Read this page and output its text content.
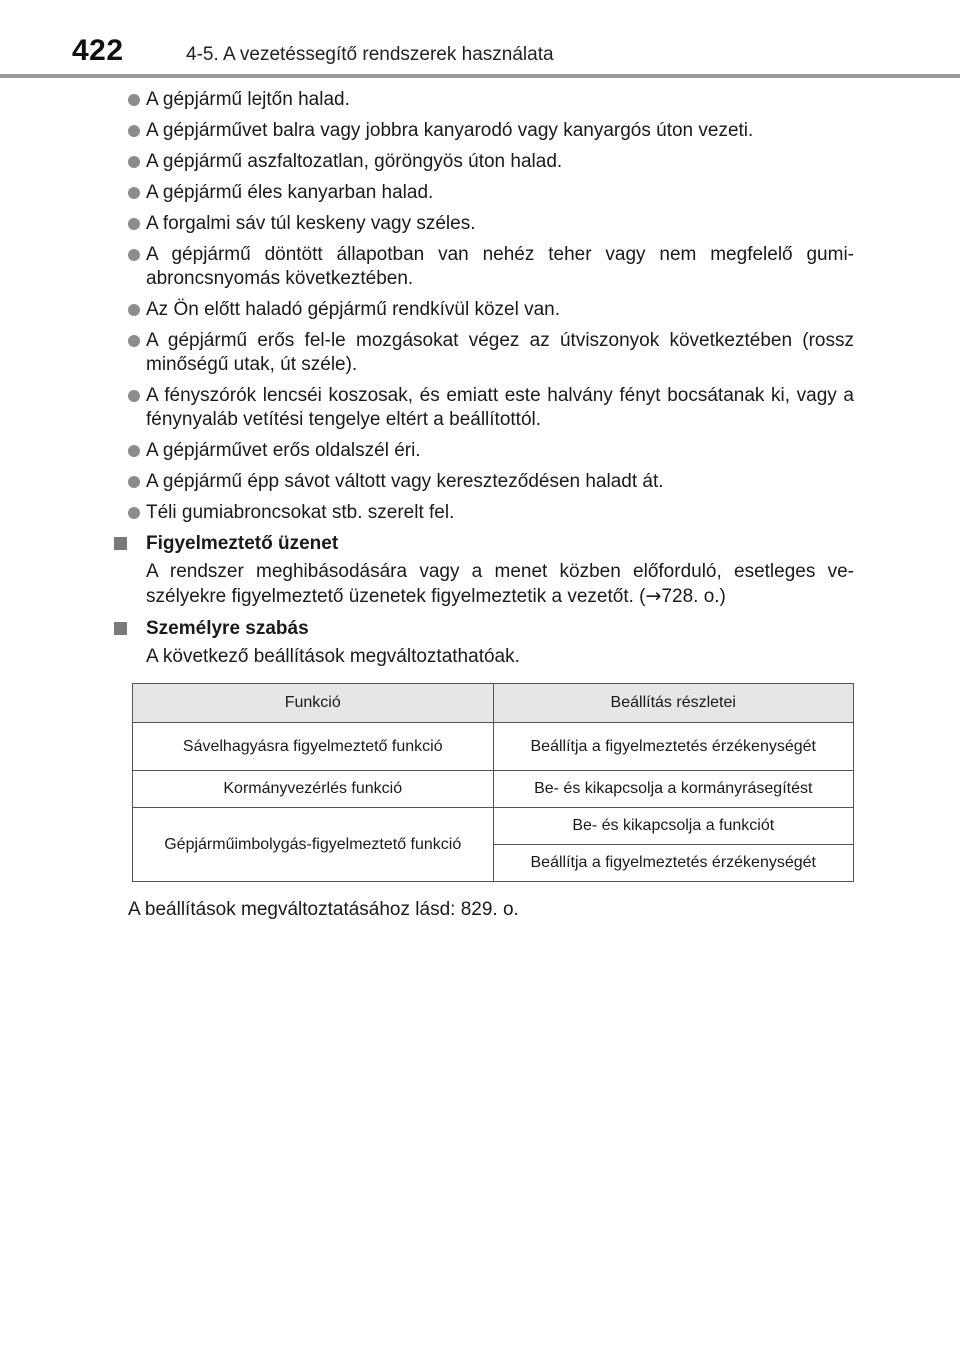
422	4-5. A vezetéssegítő rendszerek használata
A gépjármű lejtőn halad.
A gépjárművet balra vagy jobbra kanyarodó vagy kanyargós úton vezeti.
A gépjármű aszfaltozatlan, göröngyös úton halad.
A gépjármű éles kanyarban halad.
A forgalmi sáv túl keskeny vagy széles.
A gépjármű döntött állapotban van nehéz teher vagy nem megfelelő gumi-abroncsnyomás következtében.
Az Ön előtt haladó gépjármű rendkívül közel van.
A gépjármű erős fel-le mozgásokat végez az útviszonyok következtében (rossz minőségű utak, út széle).
A fényszórók lencséi koszosak, és emiatt este halvány fényt bocsátanak ki, vagy a fénynyaláb vetítési tengelye eltért a beállítottól.
A gépjárművet erős oldalszél éri.
A gépjármű épp sávot váltott vagy kereszteződésen haladt át.
Téli gumiabroncsokat stb. szerelt fel.
Figyelmeztető üzenet
A rendszer meghibásodására vagy a menet közben előforduló, esetleges ve-szélyekre figyelmeztető üzenetek figyelmeztetik a vezetőt. (→728. o.)
Személyre szabás
A következő beállítások megváltoztathatóak.
Funkció	Beállítás részletei
Sávelhagyásra figyelmeztető funkció	Beállítja a figyelmeztetés érzékenységét
Kormányvezérlés funkció	Be- és kikapcsolja a kormányrásegítést
Gépjárműimbolygás-figyelmeztető funkció	Be- és kikapcsolja a funkciót
	Beállítja a figyelmeztetés érzékenységét
A beállítások megváltoztatásához lásd: 829. o.
